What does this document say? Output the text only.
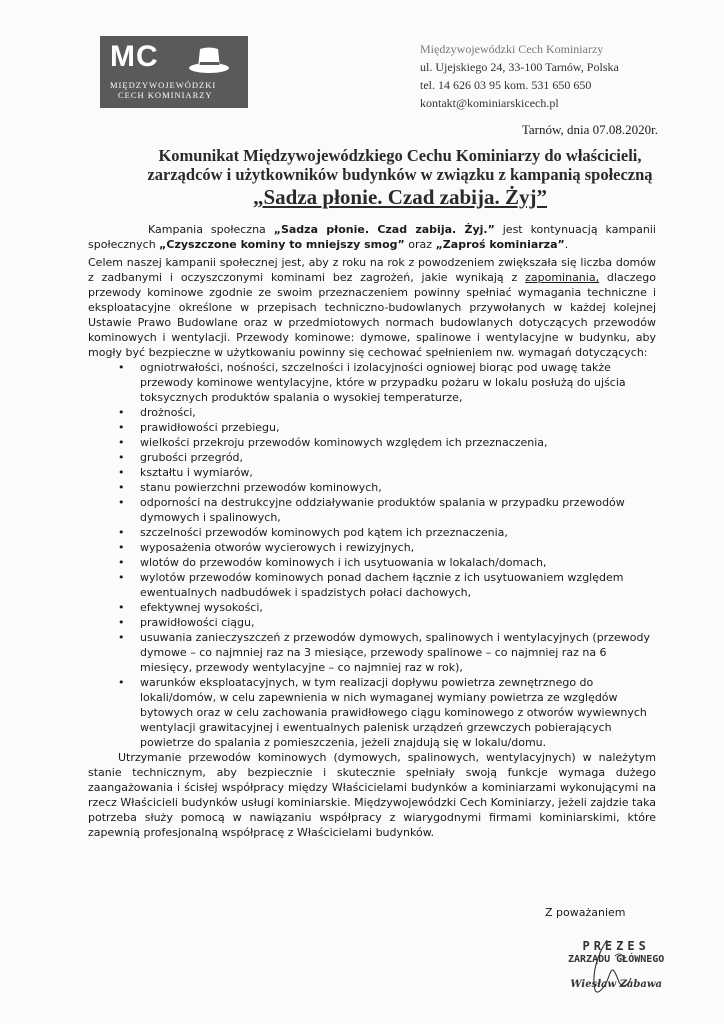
MC
MIĘDZYWOJEWÓDZKI
CECH KOMINIARZY
Międzywojewódzki Cech Kominiarzy
ul. Ujejskiego 24, 33-100 Tarnów, Polska
tel. 14 626 03 95 kom. 531 650 650
kontakt@kominiarskicech.pl
Tarnów, dnia 07.08.2020r.
Komunikat Międzywojewódzkiego Cechu Kominiarzy do właścicieli,
zarządców i użytkowników budynków w związku z kampanią społeczną
„Sadza płonie. Czad zabija. Żyj”

Kampania społeczna „Sadza płonie. Czad zabija. Żyj.” jest kontynuacją kampanii społecznych „Czyszczone kominy to mniejszy smog” oraz „Zaproś kominiarza”.

Celem naszej kampanii społecznej jest, aby z roku na rok z powodzeniem zwiększała się liczba domów z zadbanymi i oczyszczonymi kominami bez zagrożeń, jakie wynikają z zapominania, dlaczego przewody kominowe zgodnie ze swoim przeznaczeniem powinny spełniać wymagania techniczne i eksploatacyjne określone w przepisach techniczno-budowlanych przywołanych w każdej kolejnej Ustawie Prawo Budowlane oraz w przedmiotowych normach budowlanych dotyczących przewodów kominowych i wentylacji. Przewody kominowe: dymowe, spalinowe i wentylacyjne w budynku, aby mogły być bezpieczne w użytkowaniu powinny się cechować spełnieniem nw. wymagań dotyczących:

• ogniotrwałości, nośności, szczelności i izolacyjności ogniowej biorąc pod uwagę także przewody kominowe wentylacyjne, które w przypadku pożaru w lokalu posłużą do ujścia toksycznych produktów spalania o wysokiej temperaturze,
• drożności,
• prawidłowości przebiegu,
• wielkości przekroju przewodów kominowych względem ich przeznaczenia,
• grubości przegród,
• kształtu i wymiarów,
• stanu powierzchni przewodów kominowych,
• odporności na destrukcyjne oddziaływanie produktów spalania w przypadku przewodów dymowych i spalinowych,
• szczelności przewodów kominowych pod kątem ich przeznaczenia,
• wyposażenia otworów wycierowych i rewizyjnych,
• wlotów do przewodów kominowych i ich usytuowania w lokalach/domach,
• wylotów przewodów kominowych ponad dachem łącznie z ich usytuowaniem względem ewentualnych nadbudówek i spadzistych połaci dachowych,
• efektywnej wysokości,
• prawidłowości ciągu,
• usuwania zanieczyszczeń z przewodów dymowych, spalinowych i wentylacyjnych (przewody dymowe – co najmniej raz na 3 miesiące, przewody spalinowe – co najmniej raz na 6 miesięcy, przewody wentylacyjne – co najmniej raz w rok),
• warunków eksploatacyjnych, w tym realizacji dopływu powietrza zewnętrznego do lokali/domów, w celu zapewnienia w nich wymaganej wymiany powietrza ze względów bytowych oraz w celu zachowania prawidłowego ciągu kominowego z otworów wywiewnych wentylacji grawitacyjnej i ewentualnych palenisk urządzeń grzewczych pobierających powietrze do spalania z pomieszczenia, jeżeli znajdują się w lokalu/domu.

Utrzymanie przewodów kominowych (dymowych, spalinowych, wentylacyjnych) w należytym stanie technicznym, aby bezpiecznie i skutecznie spełniały swoją funkcje wymaga dużego zaangażowania i ścisłej współpracy między Właścicielami budynków a kominiarzami wykonującymi na rzecz Właścicieli budynków usługi kominiarskie. Międzywojewódzki Cech Kominiarzy, jeżeli zajdzie taka potrzeba służy pomocą w nawiązaniu współpracy z wiarygodnymi firmami kominiarskimi, które zapewnią profesjonalną współpracę z Właścicielami budynków.

Z poważaniem
PREZES
ZARZĄDU GŁÓWNEGO
Wiesław Zabawa
